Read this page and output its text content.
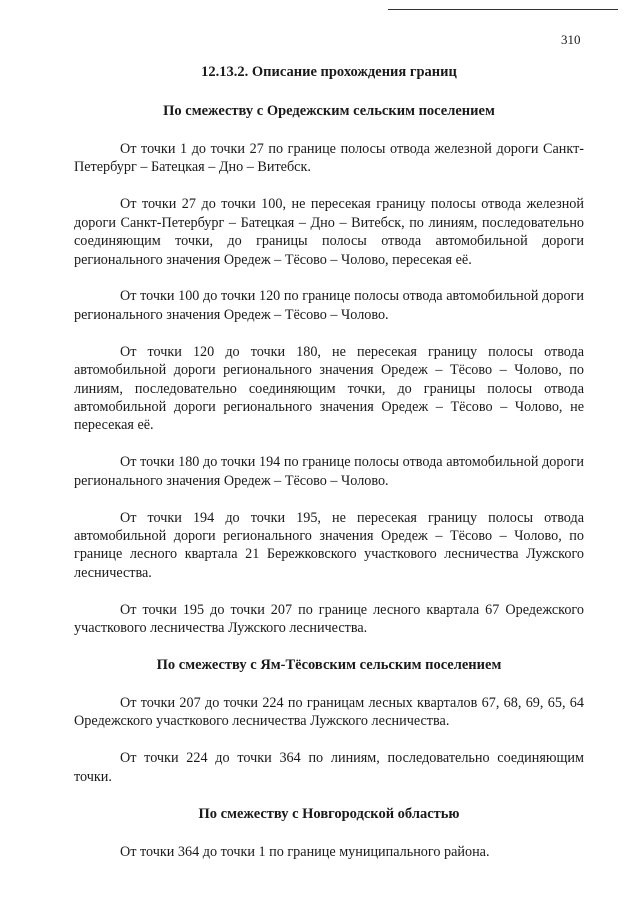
310
12.13.2. Описание прохождения границ
По смежеству с Оредежским сельским поселением

От точки 1 до точки 27 по границе полосы отвода железной дороги Санкт-Петербург – Батецкая – Дно – Витебск.

От точки 27 до точки 100, не пересекая границу полосы отвода железной дороги Санкт-Петербург – Батецкая – Дно – Витебск, по линиям, последовательно соединяющим точки, до границы полосы отвода автомобильной дороги регионального значения Оредеж – Тёсово – Чолово, пересекая её.

От точки 100 до точки 120 по границе полосы отвода автомобильной дороги регионального значения Оредеж – Тёсово – Чолово.

От точки 120 до точки 180, не пересекая границу полосы отвода автомобильной дороги регионального значения Оредеж – Тёсово – Чолово, по линиям, последовательно соединяющим точки, до границы полосы отвода автомобильной дороги регионального значения Оредеж – Тёсово – Чолово, не пересекая её.

От точки 180 до точки 194 по границе полосы отвода автомобильной дороги регионального значения Оредеж – Тёсово – Чолово.

От точки 194 до точки 195, не пересекая границу полосы отвода автомобильной дороги регионального значения Оредеж – Тёсово – Чолово, по границе лесного квартала 21 Бережковского участкового лесничества Лужского лесничества.

От точки 195 до точки 207 по границе лесного квартала 67 Оредежского участкового лесничества Лужского лесничества.

По смежеству с Ям-Тёсовским сельским поселением

От точки 207 до точки 224 по границам лесных кварталов 67, 68, 69, 65, 64 Оредежского участкового лесничества Лужского лесничества.

От точки 224 до точки 364 по линиям, последовательно соединяющим точки.

По смежеству с Новгородской областью

От точки 364 до точки 1 по границе муниципального района.
